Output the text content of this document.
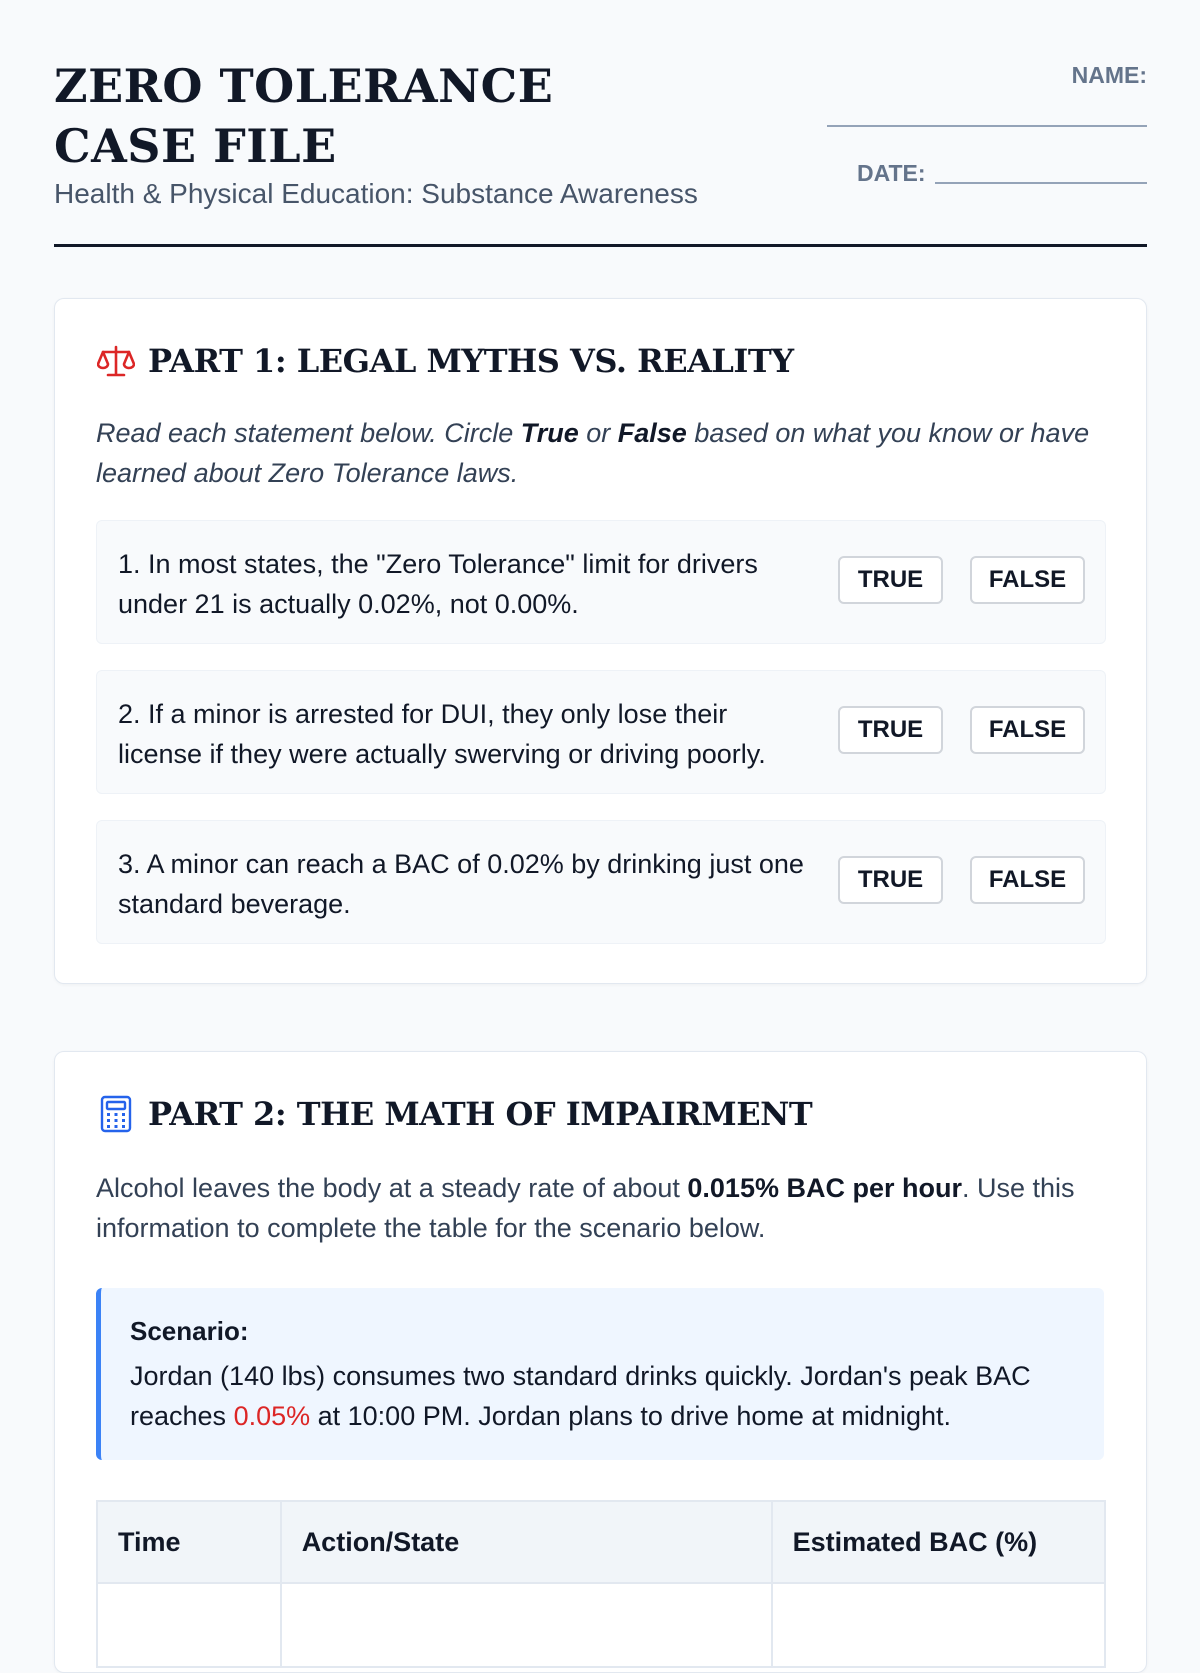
ZERO TOLERANCE CASE FILE
Health & Physical Education: Substance Awareness
NAME:
DATE:
PART 1: LEGAL MYTHS VS. REALITY
Read each statement below. Circle True or False based on what you know or have learned about Zero Tolerance laws.
1. In most states, the "Zero Tolerance" limit for drivers under 21 is actually 0.02%, not 0.00%.
TRUE	FALSE
2. If a minor is arrested for DUI, they only lose their license if they were actually swerving or driving poorly.
TRUE	FALSE
3. A minor can reach a BAC of 0.02% by drinking just one standard beverage.
TRUE	FALSE
PART 2: THE MATH OF IMPAIRMENT
Alcohol leaves the body at a steady rate of about 0.015% BAC per hour. Use this information to complete the table for the scenario below.
Scenario:
Jordan (140 lbs) consumes two standard drinks quickly. Jordan's peak BAC reaches 0.05% at 10:00 PM. Jordan plans to drive home at midnight.
Time	Action/State	Estimated BAC (%)
